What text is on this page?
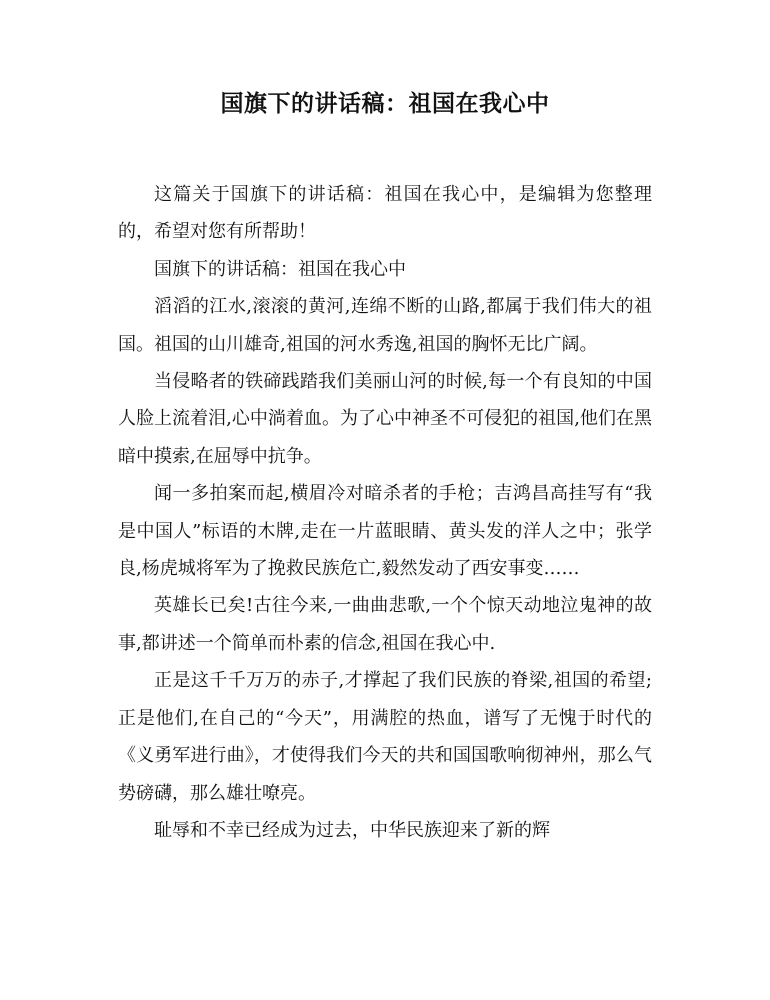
国旗下的讲话稿：祖国在我心中

这篇关于国旗下的讲话稿：祖国在我心中，是编辑为您整理的，希望对您有所帮助！

国旗下的讲话稿：祖国在我心中

滔滔的江水,滚滚的黄河,连绵不断的山路,都属于我们伟大的祖国。祖国的山川雄奇,祖国的河水秀逸,祖国的胸怀无比广阔。

当侵略者的铁碲践踏我们美丽山河的时候,每一个有良知的中国人脸上流着泪,心中淌着血。为了心中神圣不可侵犯的祖国,他们在黑暗中摸索,在屈辱中抗争。

闻一多拍案而起,横眉冷对暗杀者的手枪；吉鸿昌高挂写有“我是中国人”标语的木牌,走在一片蓝眼睛、黄头发的洋人之中；张学良,杨虎城将军为了挽救民族危亡,毅然发动了西安事变……

英雄长已矣!古往今来,一曲曲悲歌,一个个惊天动地泣鬼神的故事,都讲述一个简单而朴素的信念,祖国在我心中.

正是这千千万万的赤子,才撑起了我们民族的脊梁,祖国的希望;正是他们,在自己的“今天”，用满腔的热血，谱写了无愧于时代的《义勇军进行曲》，才使得我们今天的共和国国歌响彻神州，那么气势磅礴，那么雄壮嘹亮。

耻辱和不幸已经成为过去，中华民族迎来了新的辉
